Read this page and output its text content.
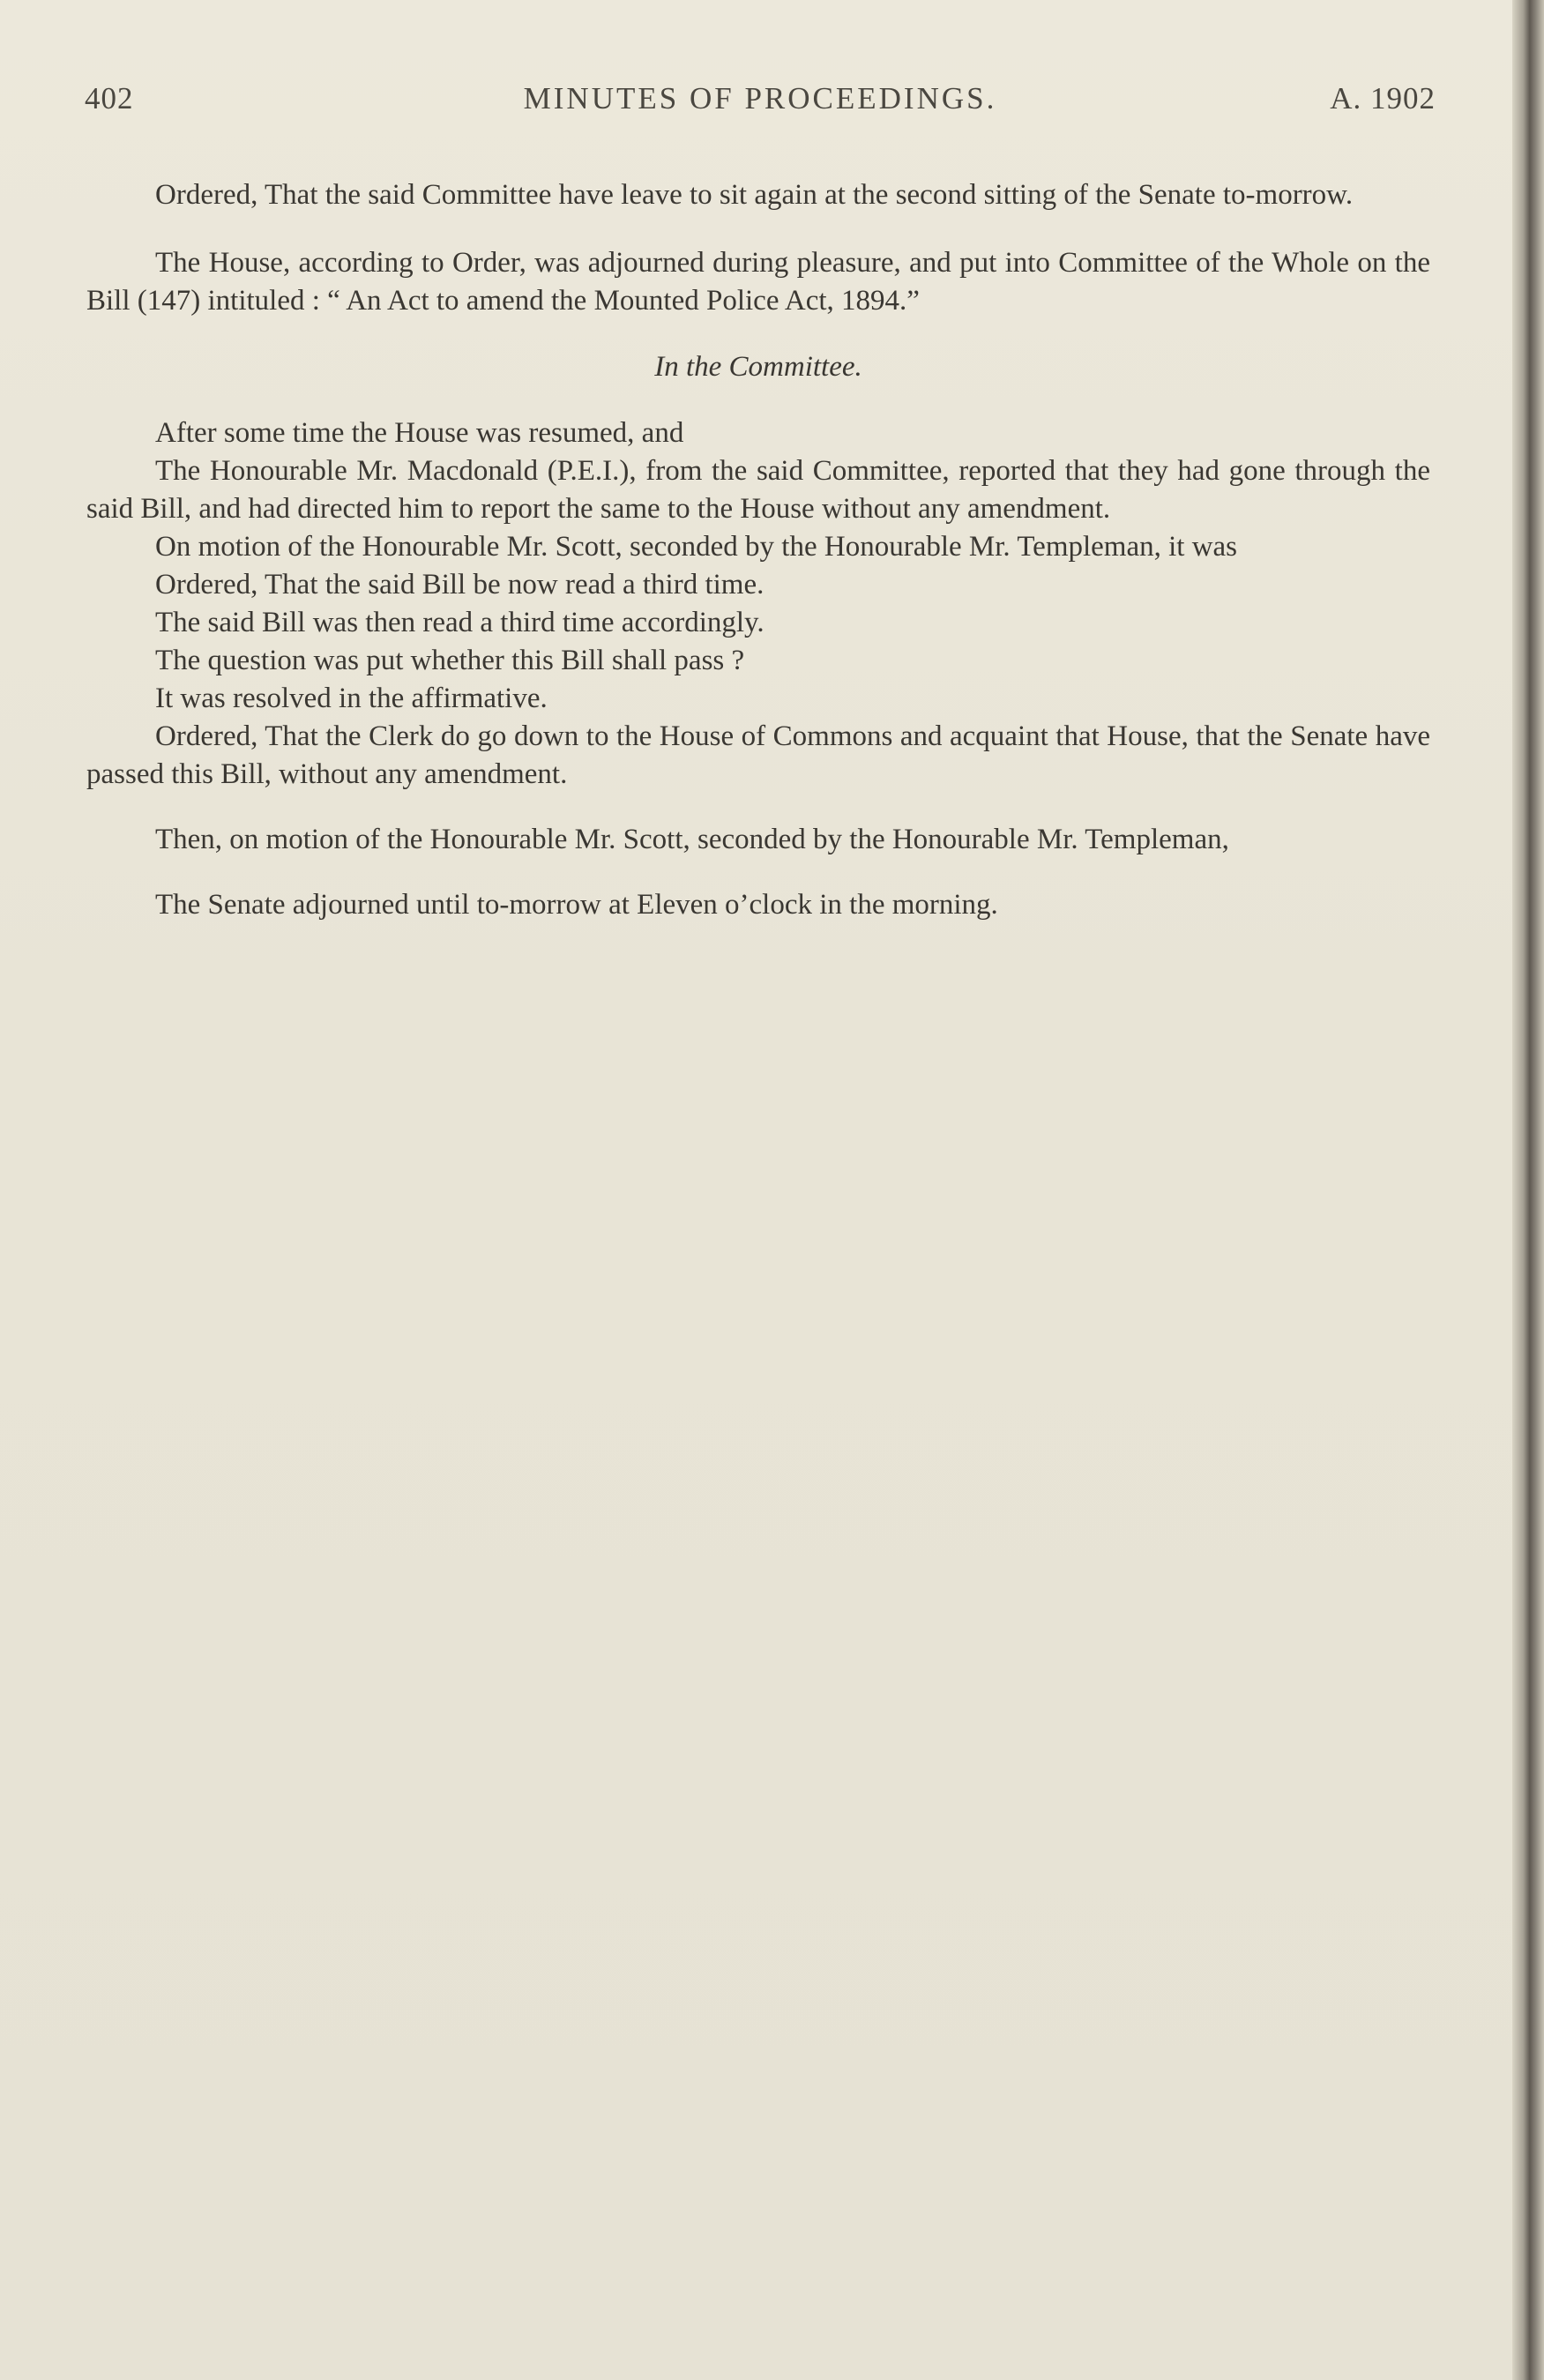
402	MINUTES OF PROCEEDINGS.	A. 1902

Ordered, That the said Committee have leave to sit again at the second sitting of the Senate to-morrow.

The House, according to Order, was adjourned during pleasure, and put into Committee of the Whole on the Bill (147) intituled : “ An Act to amend the Mounted Police Act, 1894.”

In the Committee.

After some time the House was resumed, and

The Honourable Mr. Macdonald (P.E.I.), from the said Committee, reported that they had gone through the said Bill, and had directed him to report the same to the House without any amendment.

On motion of the Honourable Mr. Scott, seconded by the Honourable Mr. Templeman, it was

Ordered, That the said Bill be now read a third time.

The said Bill was then read a third time accordingly.

The question was put whether this Bill shall pass ?

It was resolved in the affirmative.

Ordered, That the Clerk do go down to the House of Commons and acquaint that House, that the Senate have passed this Bill, without any amendment.

Then, on motion of the Honourable Mr. Scott, seconded by the Honourable Mr. Templeman,

The Senate adjourned until to-morrow at Eleven o’clock in the morning.
